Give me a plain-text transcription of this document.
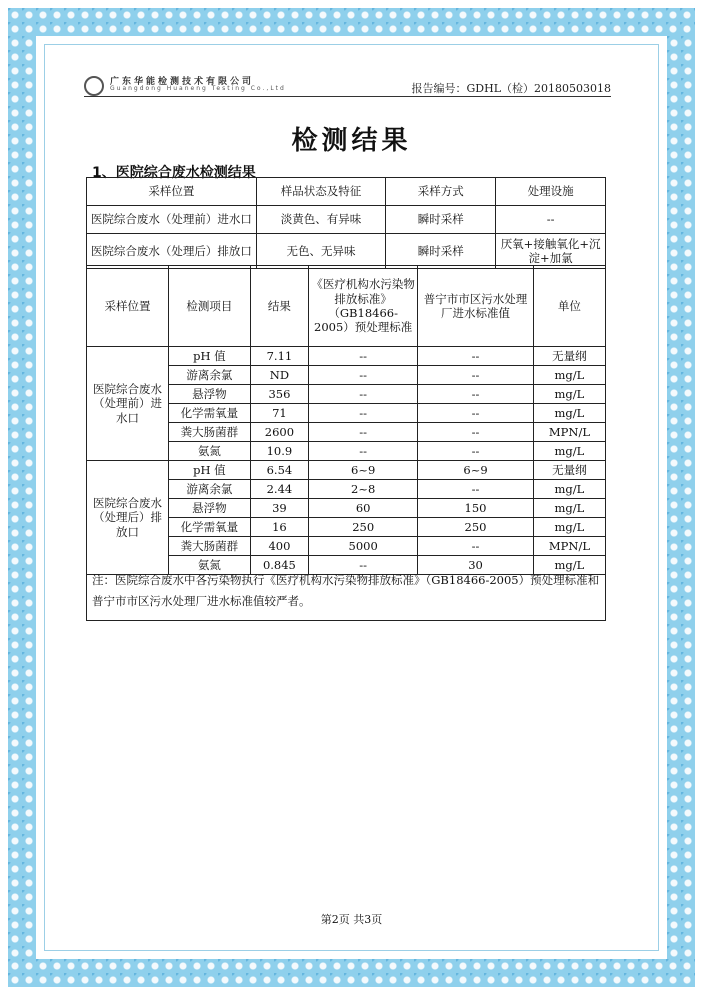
广东华能检测技术有限公司
Guangdong Huaneng Testing Co.,Ltd	报告编号：GDHL（检）20180503018
检测结果
1、医院综合废水检测结果
采样位置	样品状态及特征	采样方式	处理设施
医院综合废水（处理前）进水口	淡黄色、有异味	瞬时采样	--
医院综合废水（处理后）排放口	无色、无异味	瞬时采样	厌氧+接触氧化+沉淀+加氯
采样位置	检测项目	结果	《医疗机构水污染物排放标准》（GB18466-2005）预处理标准	普宁市市区污水处理厂进水标准值	单位
医院综合废水（处理前）进水口	pH 值	7.11	--	--	无量纲
	游离余氯	ND	--	--	mg/L
	悬浮物	356	--	--	mg/L
	化学需氧量	71	--	--	mg/L
	粪大肠菌群	2600	--	--	MPN/L
	氨氮	10.9	--	--	mg/L
医院综合废水（处理后）排放口	pH 值	6.54	6~9	6~9	无量纲
	游离余氯	2.44	2~8	--	mg/L
	悬浮物	39	60	150	mg/L
	化学需氧量	16	250	250	mg/L
	粪大肠菌群	400	5000	--	MPN/L
	氨氮	0.845	--	30	mg/L
注：医院综合废水中各污染物执行《医疗机构水污染物排放标准》（GB18466-2005）预处理标准和普宁市市区污水处理厂进水标准值较严者。
第2页 共3页
